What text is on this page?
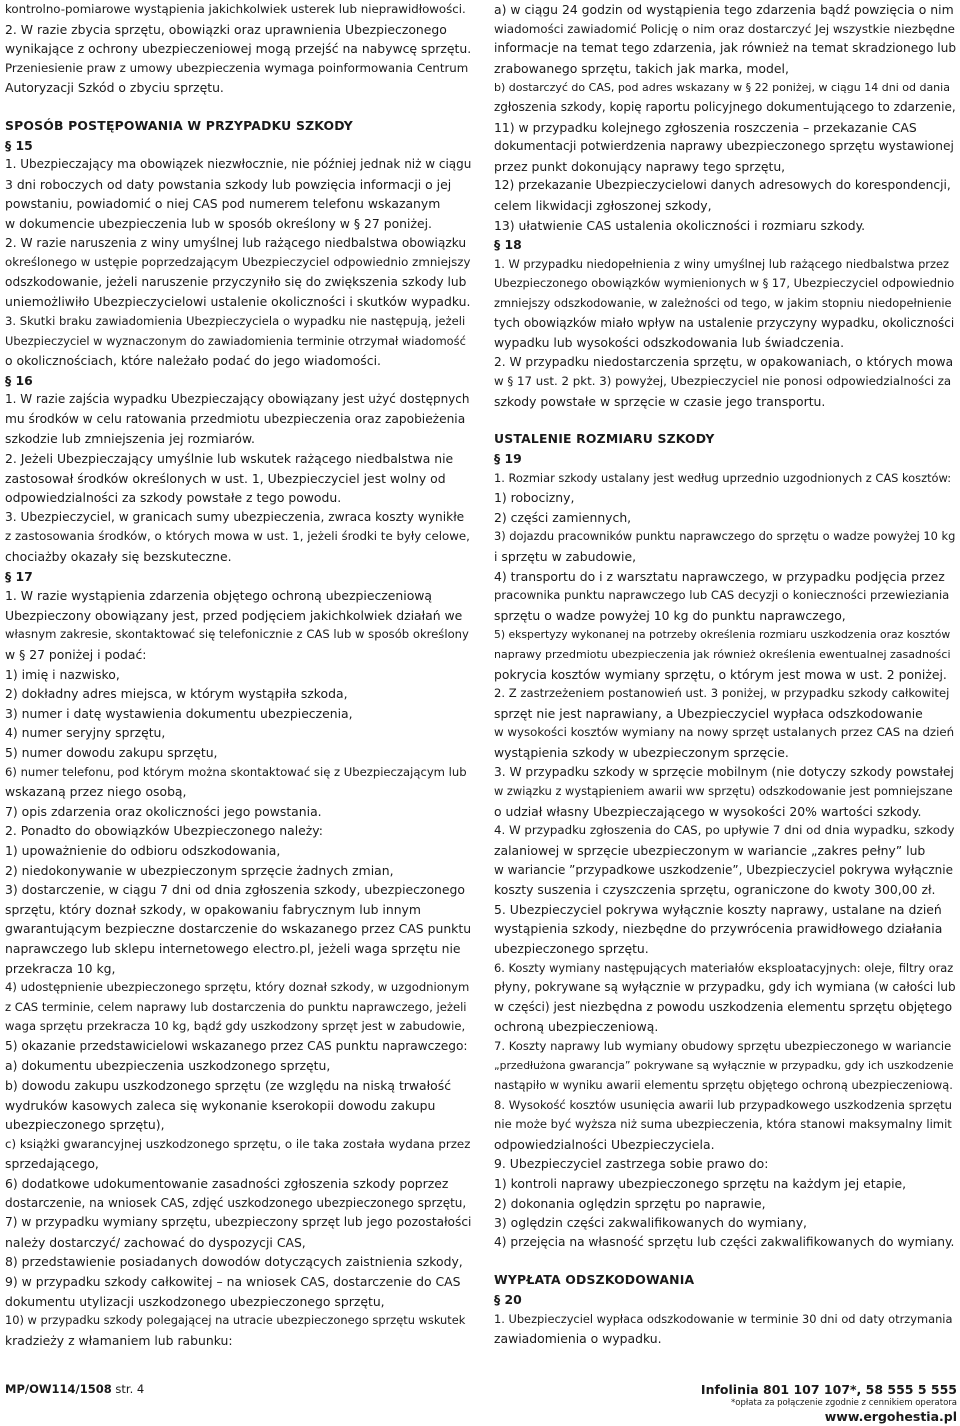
kontrolno-pomiarowe wystąpienia jakichkolwiek usterek lub nieprawidłowości.
2. W razie zbycia sprzętu, obowiązki oraz uprawnienia Ubezpieczonego
wynikające z ochrony ubezpieczeniowej mogą przejść na nabywcę sprzętu.
Przeniesienie praw z umowy ubezpieczenia wymaga poinformowania Centrum
Autoryzacji Szkód o zbyciu sprzętu.
SPOSÓB POSTĘPOWANIA W PRZYPADKU SZKODY
§ 15
1. Ubezpieczający ma obowiązek niezwłocznie, nie później jednak niż w ciągu
3 dni roboczych od daty powstania szkody lub powzięcia informacji o jej
powstaniu, powiadomić o niej CAS pod numerem telefonu wskazanym
w dokumencie ubezpieczenia lub w sposób określony w § 27 poniżej.
2. W razie naruszenia z winy umyślnej lub rażącego niedbalstwa obowiązku
określonego w ustępie poprzedzającym Ubezpieczyciel odpowiednio zmniejszy
odszkodowanie, jeżeli naruszenie przyczyniło się do zwiększenia szkody lub
uniemożliwiło Ubezpieczycielowi ustalenie okoliczności i skutków wypadku.
3. Skutki braku zawiadomienia Ubezpieczyciela o wypadku nie następują, jeżeli
Ubezpieczyciel w wyznaczonym do zawiadomienia terminie otrzymał wiadomość
o okolicznościach, które należało podać do jego wiadomości.
§ 16
1. W razie zajścia wypadku Ubezpieczający obowiązany jest użyć dostępnych
mu środków w celu ratowania przedmiotu ubezpieczenia oraz zapobieżenia
szkodzie lub zmniejszenia jej rozmiarów.
2. Jeżeli Ubezpieczający umyślnie lub wskutek rażącego niedbalstwa nie
zastosował środków określonych w ust. 1, Ubezpieczyciel jest wolny od
odpowiedzialności za szkody powstałe z tego powodu.
3. Ubezpieczyciel, w granicach sumy ubezpieczenia, zwraca koszty wynikłe
z zastosowania środków, o których mowa w ust. 1, jeżeli środki te były celowe,
chociażby okazały się bezskuteczne.
§ 17
1. W razie wystąpienia zdarzenia objętego ochroną ubezpieczeniową
Ubezpieczony obowiązany jest, przed podjęciem jakichkolwiek działań we
własnym zakresie, skontaktować się telefonicznie z CAS lub w sposób określony
w § 27 poniżej i podać:
1) imię i nazwisko,
2) dokładny adres miejsca, w którym wystąpiła szkoda,
3) numer i datę wystawienia dokumentu ubezpieczenia,
4) numer seryjny sprzętu,
5) numer dowodu zakupu sprzętu,
6) numer telefonu, pod którym można skontaktować się z Ubezpieczającym lub
wskazaną przez niego osobą,
7) opis zdarzenia oraz okoliczności jego powstania.
2. Ponadto do obowiązków Ubezpieczonego należy:
1) upoważnienie do odbioru odszkodowania,
2) niedokonywanie w ubezpieczonym sprzęcie żadnych zmian,
3) dostarczenie, w ciągu 7 dni od dnia zgłoszenia szkody, ubezpieczonego
sprzętu, który doznał szkody, w opakowaniu fabrycznym lub innym
gwarantującym bezpieczne dostarczenie do wskazanego przez CAS punktu
naprawczego lub sklepu internetowego electro.pl, jeżeli waga sprzętu nie
przekracza 10 kg,
4) udostępnienie ubezpieczonego sprzętu, który doznał szkody, w uzgodnionym
z CAS terminie, celem naprawy lub dostarczenia do punktu naprawczego, jeżeli
waga sprzętu przekracza 10 kg, bądź gdy uszkodzony sprzęt jest w zabudowie,
5) okazanie przedstawicielowi wskazanego przez CAS punktu naprawczego:
a) dokumentu ubezpieczenia uszkodzonego sprzętu,
b) dowodu zakupu uszkodzonego sprzętu (ze względu na niską trwałość
wydruków kasowych zaleca się wykonanie kserokopii dowodu zakupu
ubezpieczonego sprzętu),
c) książki gwarancyjnej uszkodzonego sprzętu, o ile taka została wydana przez
sprzedającego,
6) dodatkowe udokumentowanie zasadności zgłoszenia szkody poprzez
dostarczenie, na wniosek CAS, zdjęć uszkodzonego ubezpieczonego sprzętu,
7) w przypadku wymiany sprzętu, ubezpieczony sprzęt lub jego pozostałości
należy dostarczyć/ zachować do dyspozycji CAS,
8) przedstawienie posiadanych dowodów dotyczących zaistnienia szkody,
9) w przypadku szkody całkowitej – na wniosek CAS, dostarczenie do CAS
dokumentu utylizacji uszkodzonego ubezpieczonego sprzętu,
10) w przypadku szkody polegającej na utracie ubezpieczonego sprzętu wskutek
kradzieży z włamaniem lub rabunku:
a) w ciągu 24 godzin od wystąpienia tego zdarzenia bądź powzięcia o nim
wiadomości zawiadomić Policję o nim oraz dostarczyć Jej wszystkie niezbędne
informacje na temat tego zdarzenia, jak również na temat skradzionego lub
zrabowanego sprzętu, takich jak marka, model,
b) dostarczyć do CAS, pod adres wskazany w § 22 poniżej, w ciągu 14 dni od dania
zgłoszenia szkody, kopię raportu policyjnego dokumentującego to zdarzenie,
11) w przypadku kolejnego zgłoszenia roszczenia – przekazanie CAS
dokumentacji potwierdzenia naprawy ubezpieczonego sprzętu wystawionej
przez punkt dokonujący naprawy tego sprzętu,
12) przekazanie Ubezpieczycielowi danych adresowych do korespondencji,
celem likwidacji zgłoszonej szkody,
13) ułatwienie CAS ustalenia okoliczności i rozmiaru szkody.
§ 18
1. W przypadku niedopełnienia z winy umyślnej lub rażącego niedbalstwa przez
Ubezpieczonego obowiązków wymienionych w § 17, Ubezpieczyciel odpowiednio
zmniejszy odszkodowanie, w zależności od tego, w jakim stopniu niedopełnienie
tych obowiązków miało wpływ na ustalenie przyczyny wypadku, okoliczności
wypadku lub wysokości odszkodowania lub świadczenia.
2. W przypadku niedostarczenia sprzętu, w opakowaniach, o których mowa
w § 17 ust. 2 pkt. 3) powyżej, Ubezpieczyciel nie ponosi odpowiedzialności za
szkody powstałe w sprzęcie w czasie jego transportu.
USTALENIE ROZMIARU SZKODY
§ 19
1. Rozmiar szkody ustalany jest według uprzednio uzgodnionych z CAS kosztów:
1) robocizny,
2) części zamiennych,
3) dojazdu pracowników punktu naprawczego do sprzętu o wadze powyżej 10 kg
i sprzętu w zabudowie,
4) transportu do i z warsztatu naprawczego, w przypadku podjęcia przez
pracownika punktu naprawczego lub CAS decyzji o konieczności przewieziania
sprzętu o wadze powyżej 10 kg do punktu naprawczego,
5) ekspertyzy wykonanej na potrzeby określenia rozmiaru uszkodzenia oraz kosztów
naprawy przedmiotu ubezpieczenia jak również określenia ewentualnej zasadności
pokrycia kosztów wymiany sprzętu, o którym jest mowa w ust. 2 poniżej.
2. Z zastrzeżeniem postanowień ust. 3 poniżej, w przypadku szkody całkowitej
sprzęt nie jest naprawiany, a Ubezpieczyciel wypłaca odszkodowanie
w wysokości kosztów wymiany na nowy sprzęt ustalanych przez CAS na dzień
wystąpienia szkody w ubezpieczonym sprzęcie.
3. W przypadku szkody w sprzęcie mobilnym (nie dotyczy szkody powstałej
w związku z wystąpieniem awarii ww sprzętu) odszkodowanie jest pomniejszane
o udział własny Ubezpieczającego w wysokości 20% wartości szkody.
4. W przypadku zgłoszenia do CAS, po upływie 7 dni od dnia wypadku, szkody
zalaniowej w sprzęcie ubezpieczonym w wariancie „zakres pełny” lub
w wariancie ”przypadkowe uszkodzenie”, Ubezpieczyciel pokrywa wyłącznie
koszty suszenia i czyszczenia sprzętu, ograniczone do kwoty 300,00 zł.
5. Ubezpieczyciel pokrywa wyłącznie koszty naprawy, ustalane na dzień
wystąpienia szkody, niezbędne do przywrócenia prawidłowego działania
ubezpieczonego sprzętu.
6. Koszty wymiany następujących materiałów eksploatacyjnych: oleje, filtry oraz
płyny, pokrywane są wyłącznie w przypadku, gdy ich wymiana (w całości lub
w części) jest niezbędna z powodu uszkodzenia elementu sprzętu objętego
ochroną ubezpieczeniową.
7. Koszty naprawy lub wymiany obudowy sprzętu ubezpieczonego w wariancie
„przedłużona gwarancja” pokrywane są wyłącznie w przypadku, gdy ich uszkodzenie
nastąpiło w wyniku awarii elementu sprzętu objętego ochroną ubezpieczeniową.
8. Wysokość kosztów usunięcia awarii lub przypadkowego uszkodzenia sprzętu
nie może być wyższa niż suma ubezpieczenia, która stanowi maksymalny limit
odpowiedzialności Ubezpieczyciela.
9. Ubezpieczyciel zastrzega sobie prawo do:
1) kontroli naprawy ubezpieczonego sprzętu na każdym jej etapie,
2) dokonania oględzin sprzętu po naprawie,
3) oględzin części zakwalifikowanych do wymiany,
4) przejęcia na własność sprzętu lub części zakwalifikowanych do wymiany.
WYPŁATA ODSZKODOWANIA
§ 20
1. Ubezpieczyciel wypłaca odszkodowanie w terminie 30 dni od daty otrzymania
zawiadomienia o wypadku.
MP/OW114/1508 str. 4	Infolinia 801 107 107*, 58 555 5 555
*opłata za połączenie zgodnie z cennikiem operatora
www.ergohestia.pl
